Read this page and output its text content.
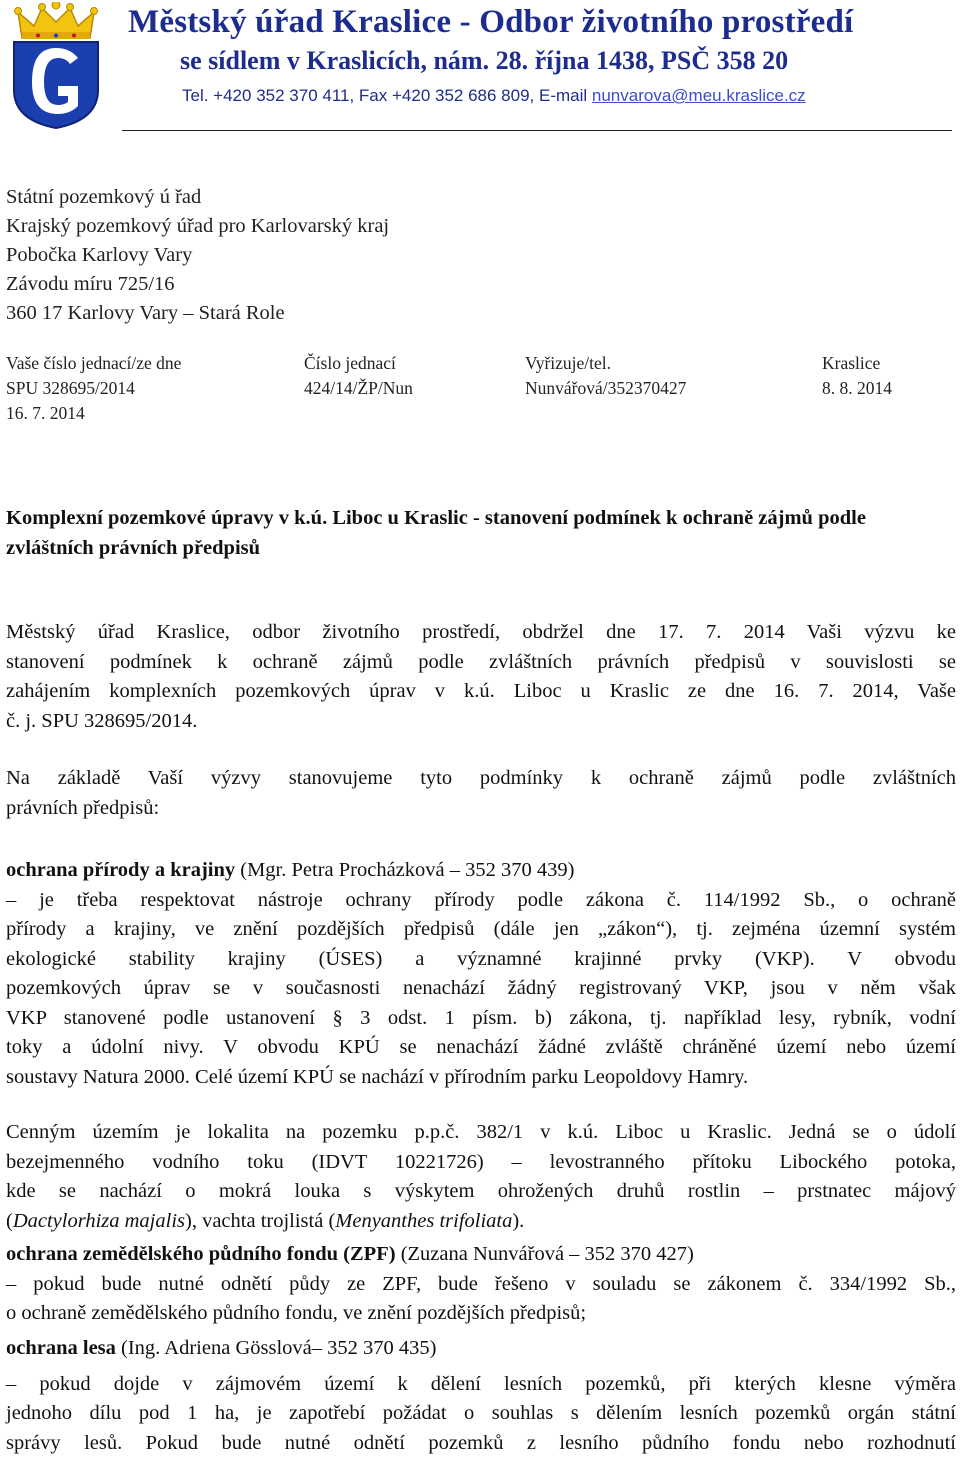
Městský úřad Kraslice - Odbor životního prostředí
se sídlem v Kraslicích, nám. 28. října 1438, PSČ 358 20
Tel. +420 352 370 411, Fax +420 352 686 809, E-mail nunvarova@meu.kraslice.cz
Státní pozemkový ú řad
Krajský pozemkový úřad pro Karlovarský kraj
Pobočka Karlovy Vary
Závodu míru 725/16
360 17 Karlovy Vary – Stará Role
Vaše číslo jednací/ze dne
SPU 328695/2014
16. 7. 2014
Číslo jednací
424/14/ŽP/Nun
Vyřizuje/tel.
Nunvářová/352370427
Kraslice
8. 8. 2014
Komplexní pozemkové úpravy v k.ú. Liboc u Kraslic - stanovení podmínek k ochraně zájmů podle zvláštních právních předpisů
Městský úřad Kraslice, odbor životního prostředí, obdržel dne 17. 7. 2014 Vaši výzvu ke
stanovení podmínek k ochraně zájmů podle zvláštních právních předpisů v souvislosti se
zahájením komplexních pozemkových úprav v k.ú. Liboc u Kraslic ze dne 16. 7. 2014, Vaše
č. j. SPU 328695/2014.
Na základě Vaší výzvy stanovujeme tyto podmínky k ochraně zájmů podle zvláštních
právních předpisů:
ochrana přírody a krajiny (Mgr. Petra Procházková – 352 370 439)
– je třeba respektovat nástroje ochrany přírody podle zákona č. 114/1992 Sb., o ochraně
přírody a krajiny, ve znění pozdějších předpisů (dále jen „zákon“), tj. zejména územní systém
ekologické stability krajiny (ÚSES) a významné krajinné prvky (VKP). V obvodu
pozemkových úprav se v současnosti nenachází žádný registrovaný VKP, jsou v něm však
VKP stanovené podle ustanovení § 3 odst. 1 písm. b) zákona, tj. například lesy, rybník, vodní
toky a údolní nivy. V obvodu KPÚ se nenachází žádné zvláště chráněné území nebo území
soustavy Natura 2000. Celé území KPÚ se nachází v přírodním parku Leopoldovy Hamry.
Cenným územím je lokalita na pozemku p.p.č. 382/1 v k.ú. Liboc u Kraslic. Jedná se o údolí
bezejmenného vodního toku (IDVT 10221726) – levostranného přítoku Libockého potoka,
kde se nachází o mokrá louka s výskytem ohrožených druhů rostlin – prstnatec májový
(Dactylorhiza majalis), vachta trojlistá (Menyanthes trifoliata).
ochrana zemědělského půdního fondu (ZPF) (Zuzana Nunvářová – 352 370 427)
– pokud bude nutné odnětí půdy ze ZPF, bude řešeno v souladu se zákonem č. 334/1992 Sb.,
o ochraně zemědělského půdního fondu, ve znění pozdějších předpisů;
ochrana lesa (Ing. Adriena Gösslová– 352 370 435)
– pokud dojde v zájmovém území k dělení lesních pozemků, při kterých klesne výměra
jednoho dílu pod 1 ha, je zapotřebí požádat o souhlas s dělením lesních pozemků orgán státní
správy lesů. Pokud bude nutné odnětí pozemků z lesního půdního fondu nebo rozhodnutí
